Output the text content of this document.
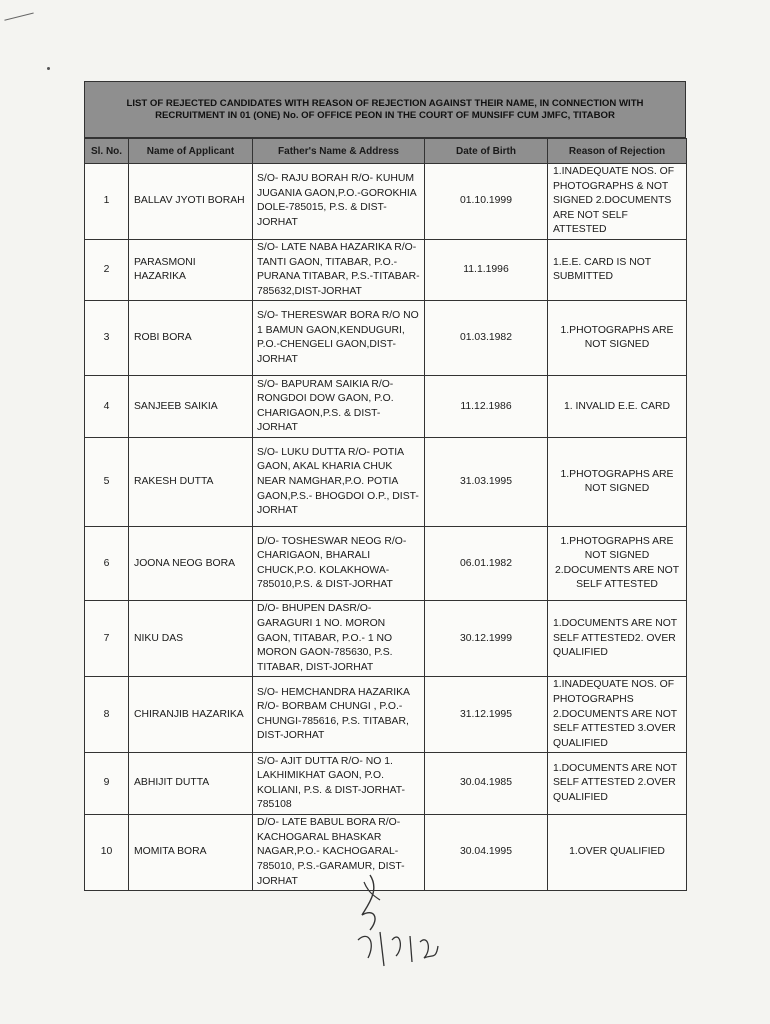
LIST OF REJECTED CANDIDATES WITH REASON OF REJECTION AGAINST THEIR NAME, IN CONNECTION WITH RECRUITMENT IN 01 (ONE) No. OF OFFICE PEON IN THE COURT OF MUNSIFF CUM JMFC, TITABOR
Sl. No.	Name of Applicant	Father's Name & Address	Date of Birth	Reason of Rejection
1	BALLAV JYOTI BORAH	S/O- RAJU BORAH R/O- KUHUM JUGANIA GAON,P.O.-GOROKHIA DOLE-785015, P.S. & DIST-JORHAT	01.10.1999	1.INADEQUATE NOS. OF PHOTOGRAPHS & NOT SIGNED 2.DOCUMENTS ARE NOT SELF ATTESTED
2	PARASMONI HAZARIKA	S/O- LATE NABA HAZARIKA R/O-TANTI GAON, TITABAR, P.O.-PURANA TITABAR, P.S.-TITABAR-785632,DIST-JORHAT	11.1.1996	1.E.E. CARD IS NOT SUBMITTED
3	ROBI BORA	S/O- THERESWAR BORA R/O NO 1 BAMUN GAON,KENDUGURI, P.O.-CHENGELI GAON,DIST-JORHAT	01.03.1982	1.PHOTOGRAPHS ARE NOT SIGNED
4	SANJEEB SAIKIA	S/O- BAPURAM SAIKIA R/O- RONGDOI DOW GAON, P.O. CHARIGAON,P.S. & DIST-JORHAT	11.12.1986	1. INVALID E.E. CARD
5	RAKESH DUTTA	S/O- LUKU DUTTA R/O- POTIA GAON, AKAL KHARIA CHUK NEAR NAMGHAR,P.O. POTIA GAON,P.S.- BHOGDOI O.P., DIST-JORHAT	31.03.1995	1.PHOTOGRAPHS ARE NOT SIGNED
6	JOONA NEOG BORA	D/O- TOSHESWAR NEOG R/O- CHARIGAON, BHARALI CHUCK,P.O. KOLAKHOWA-785010,P.S. & DIST-JORHAT	06.01.1982	1.PHOTOGRAPHS ARE NOT SIGNED 2.DOCUMENTS ARE NOT SELF ATTESTED
7	NIKU DAS	D/O- BHUPEN DASR/O-GARAGURI 1 NO. MORON GAON, TITABAR, P.O.- 1 NO MORON GAON-785630, P.S. TITABAR, DIST-JORHAT	30.12.1999	1.DOCUMENTS ARE NOT SELF ATTESTED2. OVER QUALIFIED
8	CHIRANJIB HAZARIKA	S/O- HEMCHANDRA HAZARIKA R/O- BORBAM CHUNGI , P.O.-CHUNGI-785616, P.S. TITABAR, DIST-JORHAT	31.12.1995	1.INADEQUATE NOS. OF PHOTOGRAPHS 2.DOCUMENTS ARE NOT SELF ATTESTED 3.OVER QUALIFIED
9	ABHIJIT DUTTA	S/O- AJIT DUTTA R/O- NO 1. LAKHIMIKHAT GAON, P.O. KOLIANI, P.S. & DIST-JORHAT-785108	30.04.1985	1.DOCUMENTS ARE NOT SELF ATTESTED 2.OVER QUALIFIED
10	MOMITA BORA	D/O- LATE BABUL BORA R/O-KACHOGARAL BHASKAR NAGAR,P.O.- KACHOGARAL-785010, P.S.-GARAMUR, DIST-JORHAT	30.04.1995	1.OVER QUALIFIED
